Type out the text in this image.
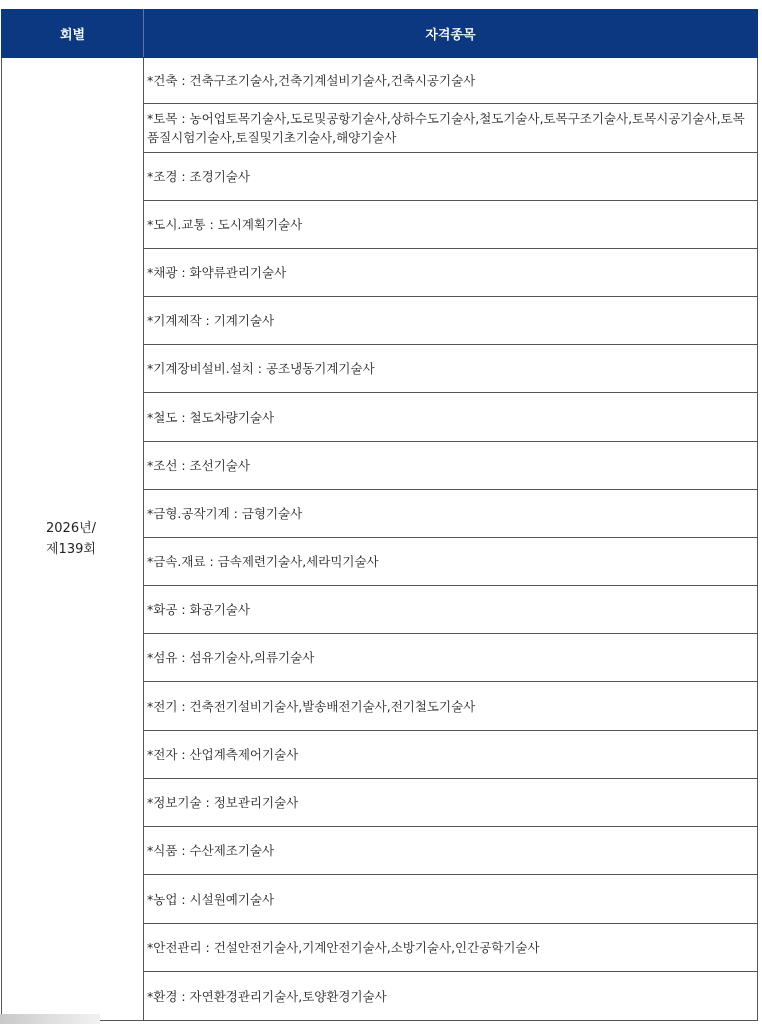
회별	자격종목
2026년/
제139회	*건축 : 건축구조기술사,건축기계설비기술사,건축시공기술사
	*토목 : 농어업토목기술사,도로및공항기술사,상하수도기술사,철도기술사,토목구조기술사,토목시공기술사,토목품질시험기술사,토질및기초기술사,해양기술사
	*조경 : 조경기술사
	*도시.교통 : 도시계획기술사
	*채광 : 화약류관리기술사
	*기계제작 : 기계기술사
	*기계장비설비.설치 : 공조냉동기계기술사
	*철도 : 철도차량기술사
	*조선 : 조선기술사
	*금형.공작기계 : 금형기술사
	*금속.재료 : 금속제련기술사,세라믹기술사
	*화공 : 화공기술사
	*섬유 : 섬유기술사,의류기술사
	*전기 : 건축전기설비기술사,발송배전기술사,전기철도기술사
	*전자 : 산업계측제어기술사
	*정보기술 : 정보관리기술사
	*식품 : 수산제조기술사
	*농업 : 시설원예기술사
	*안전관리 : 건설안전기술사,기계안전기술사,소방기술사,인간공학기술사
	*환경 : 자연환경관리기술사,토양환경기술사
